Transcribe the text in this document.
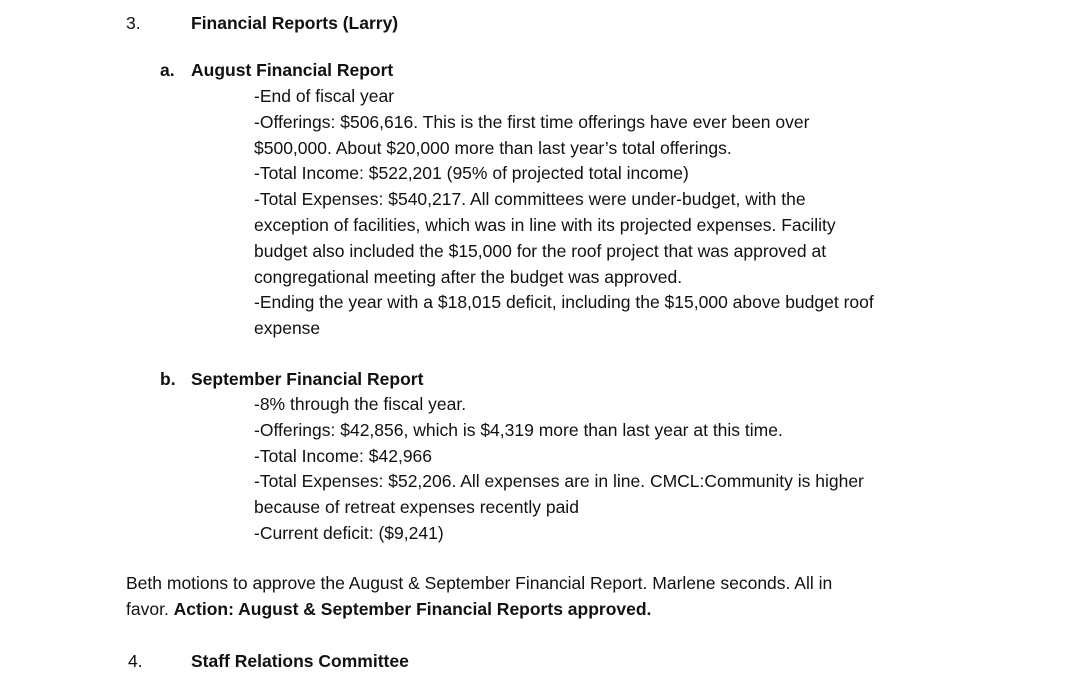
3.	Financial Reports (Larry)
a. August Financial Report
-End of fiscal year
-Offerings: $506,616. This is the first time offerings have ever been over
$500,000. About $20,000 more than last year’s total offerings.
-Total Income: $522,201 (95% of projected total income)
-Total Expenses: $540,217. All committees were under-budget, with the
exception of facilities, which was in line with its projected expenses. Facility
budget also included the $15,000 for the roof project that was approved at
congregational meeting after the budget was approved.
-Ending the year with a $18,015 deficit, including the $15,000 above budget roof
expense
b. September Financial Report
-8% through the fiscal year.
-Offerings: $42,856, which is $4,319 more than last year at this time.
-Total Income: $42,966
-Total Expenses: $52,206. All expenses are in line. CMCL:Community is higher
because of retreat expenses recently paid
-Current deficit: ($9,241)
Beth motions to approve the August & September Financial Report. Marlene seconds. All in
favor. Action: August & September Financial Reports approved.
4.	Staff Relations Committee
